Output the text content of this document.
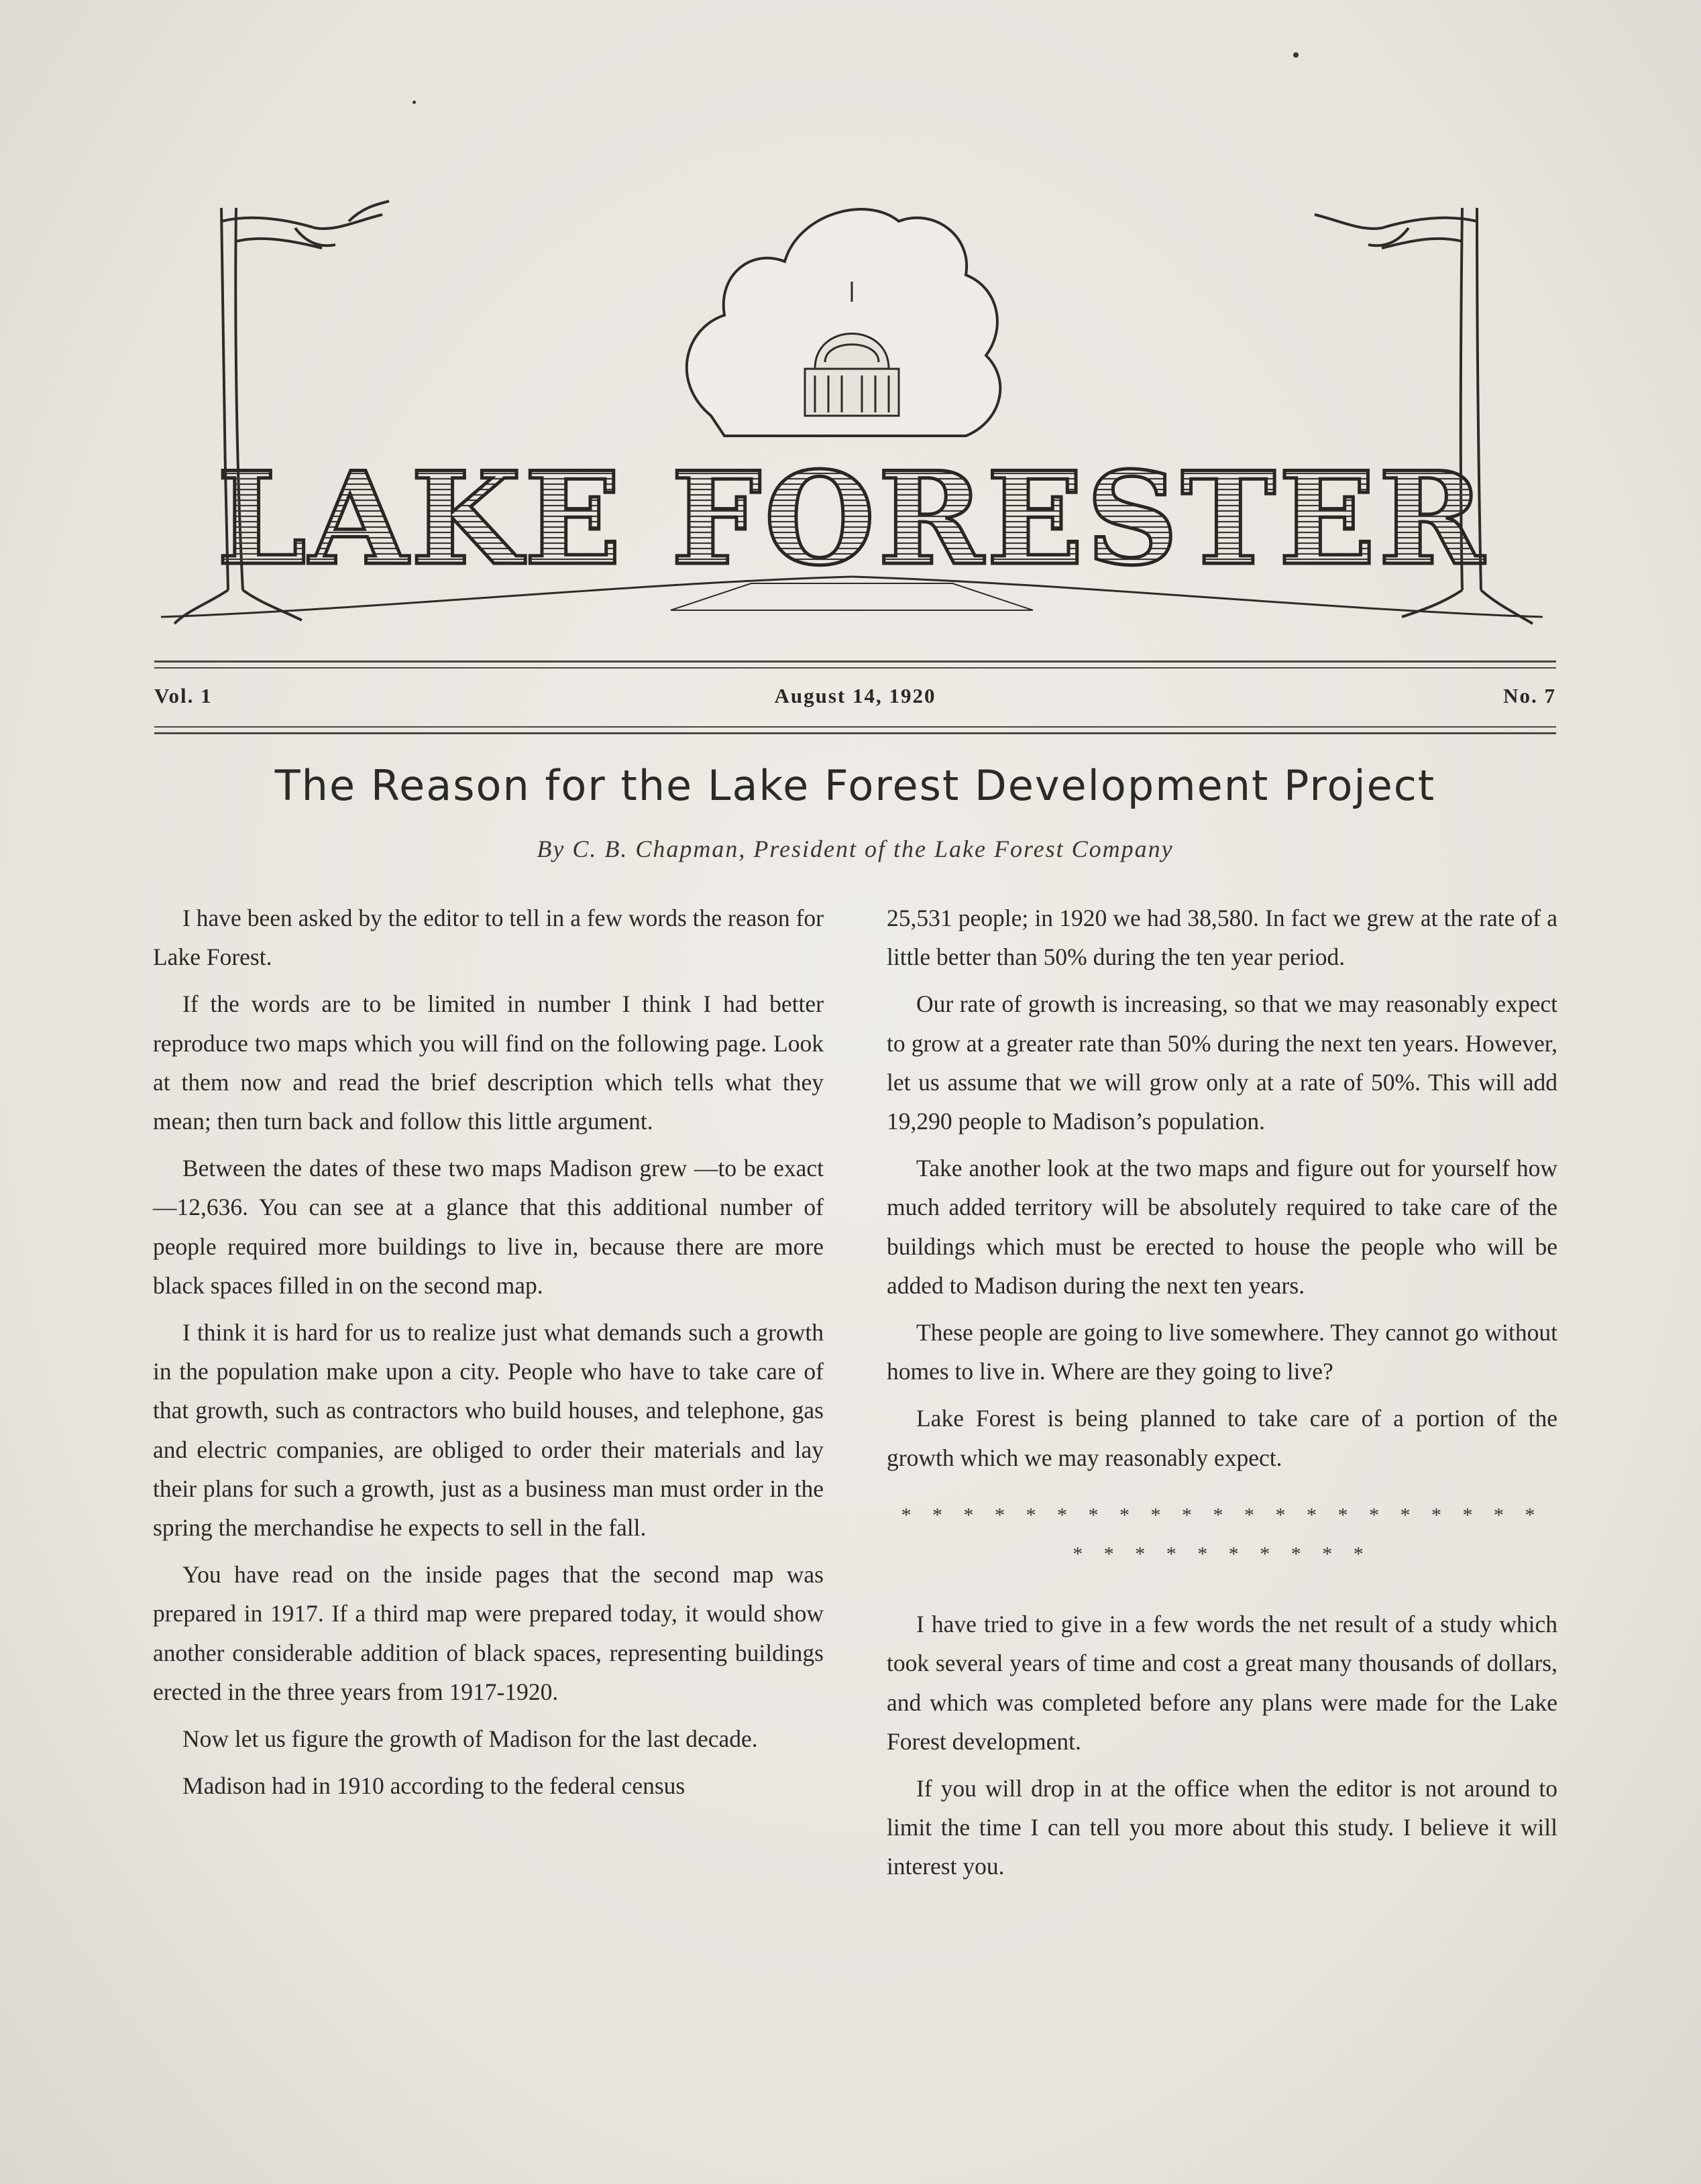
LAKE FORESTER
Vol. 1	August 14, 1920	No. 7
The Reason for the Lake Forest Development Project
By C. B. Chapman, President of the Lake Forest Company

I have been asked by the editor to tell in a few words the reason for Lake Forest.

If the words are to be limited in number I think I had better reproduce two maps which you will find on the following page. Look at them now and read the brief description which tells what they mean; then turn back and follow this little argument.

Between the dates of these two maps Madison grew —to be exact—12,636. You can see at a glance that this additional number of people required more buildings to live in, because there are more black spaces filled in on the second map.

I think it is hard for us to realize just what demands such a growth in the population make upon a city. People who have to take care of that growth, such as contractors who build houses, and telephone, gas and electric companies, are obliged to order their materials and lay their plans for such a growth, just as a business man must order in the spring the merchandise he expects to sell in the fall.

You have read on the inside pages that the second map was prepared in 1917. If a third map were prepared today, it would show another considerable addition of black spaces, representing buildings erected in the three years from 1917-1920.

Now let us figure the growth of Madison for the last decade.

Madison had in 1910 according to the federal census

25,531 people; in 1920 we had 38,580. In fact we grew at the rate of a little better than 50% during the ten year period.

Our rate of growth is increasing, so that we may reasonably expect to grow at a greater rate than 50% during the next ten years. However, let us assume that we will grow only at a rate of 50%. This will add 19,290 people to Madison’s population.

Take another look at the two maps and figure out for yourself how much added territory will be absolutely required to take care of the buildings which must be erected to house the people who will be added to Madison during the next ten years.

These people are going to live somewhere. They cannot go without homes to live in. Where are they going to live?

Lake Forest is being planned to take care of a portion of the growth which we may reasonably expect.

* * * * * * * * * * * * * * * * * * * * * * * * * * * * * * *

I have tried to give in a few words the net result of a study which took several years of time and cost a great many thousands of dollars, and which was completed before any plans were made for the Lake Forest development.

If you will drop in at the office when the editor is not around to limit the time I can tell you more about this study. I believe it will interest you.
